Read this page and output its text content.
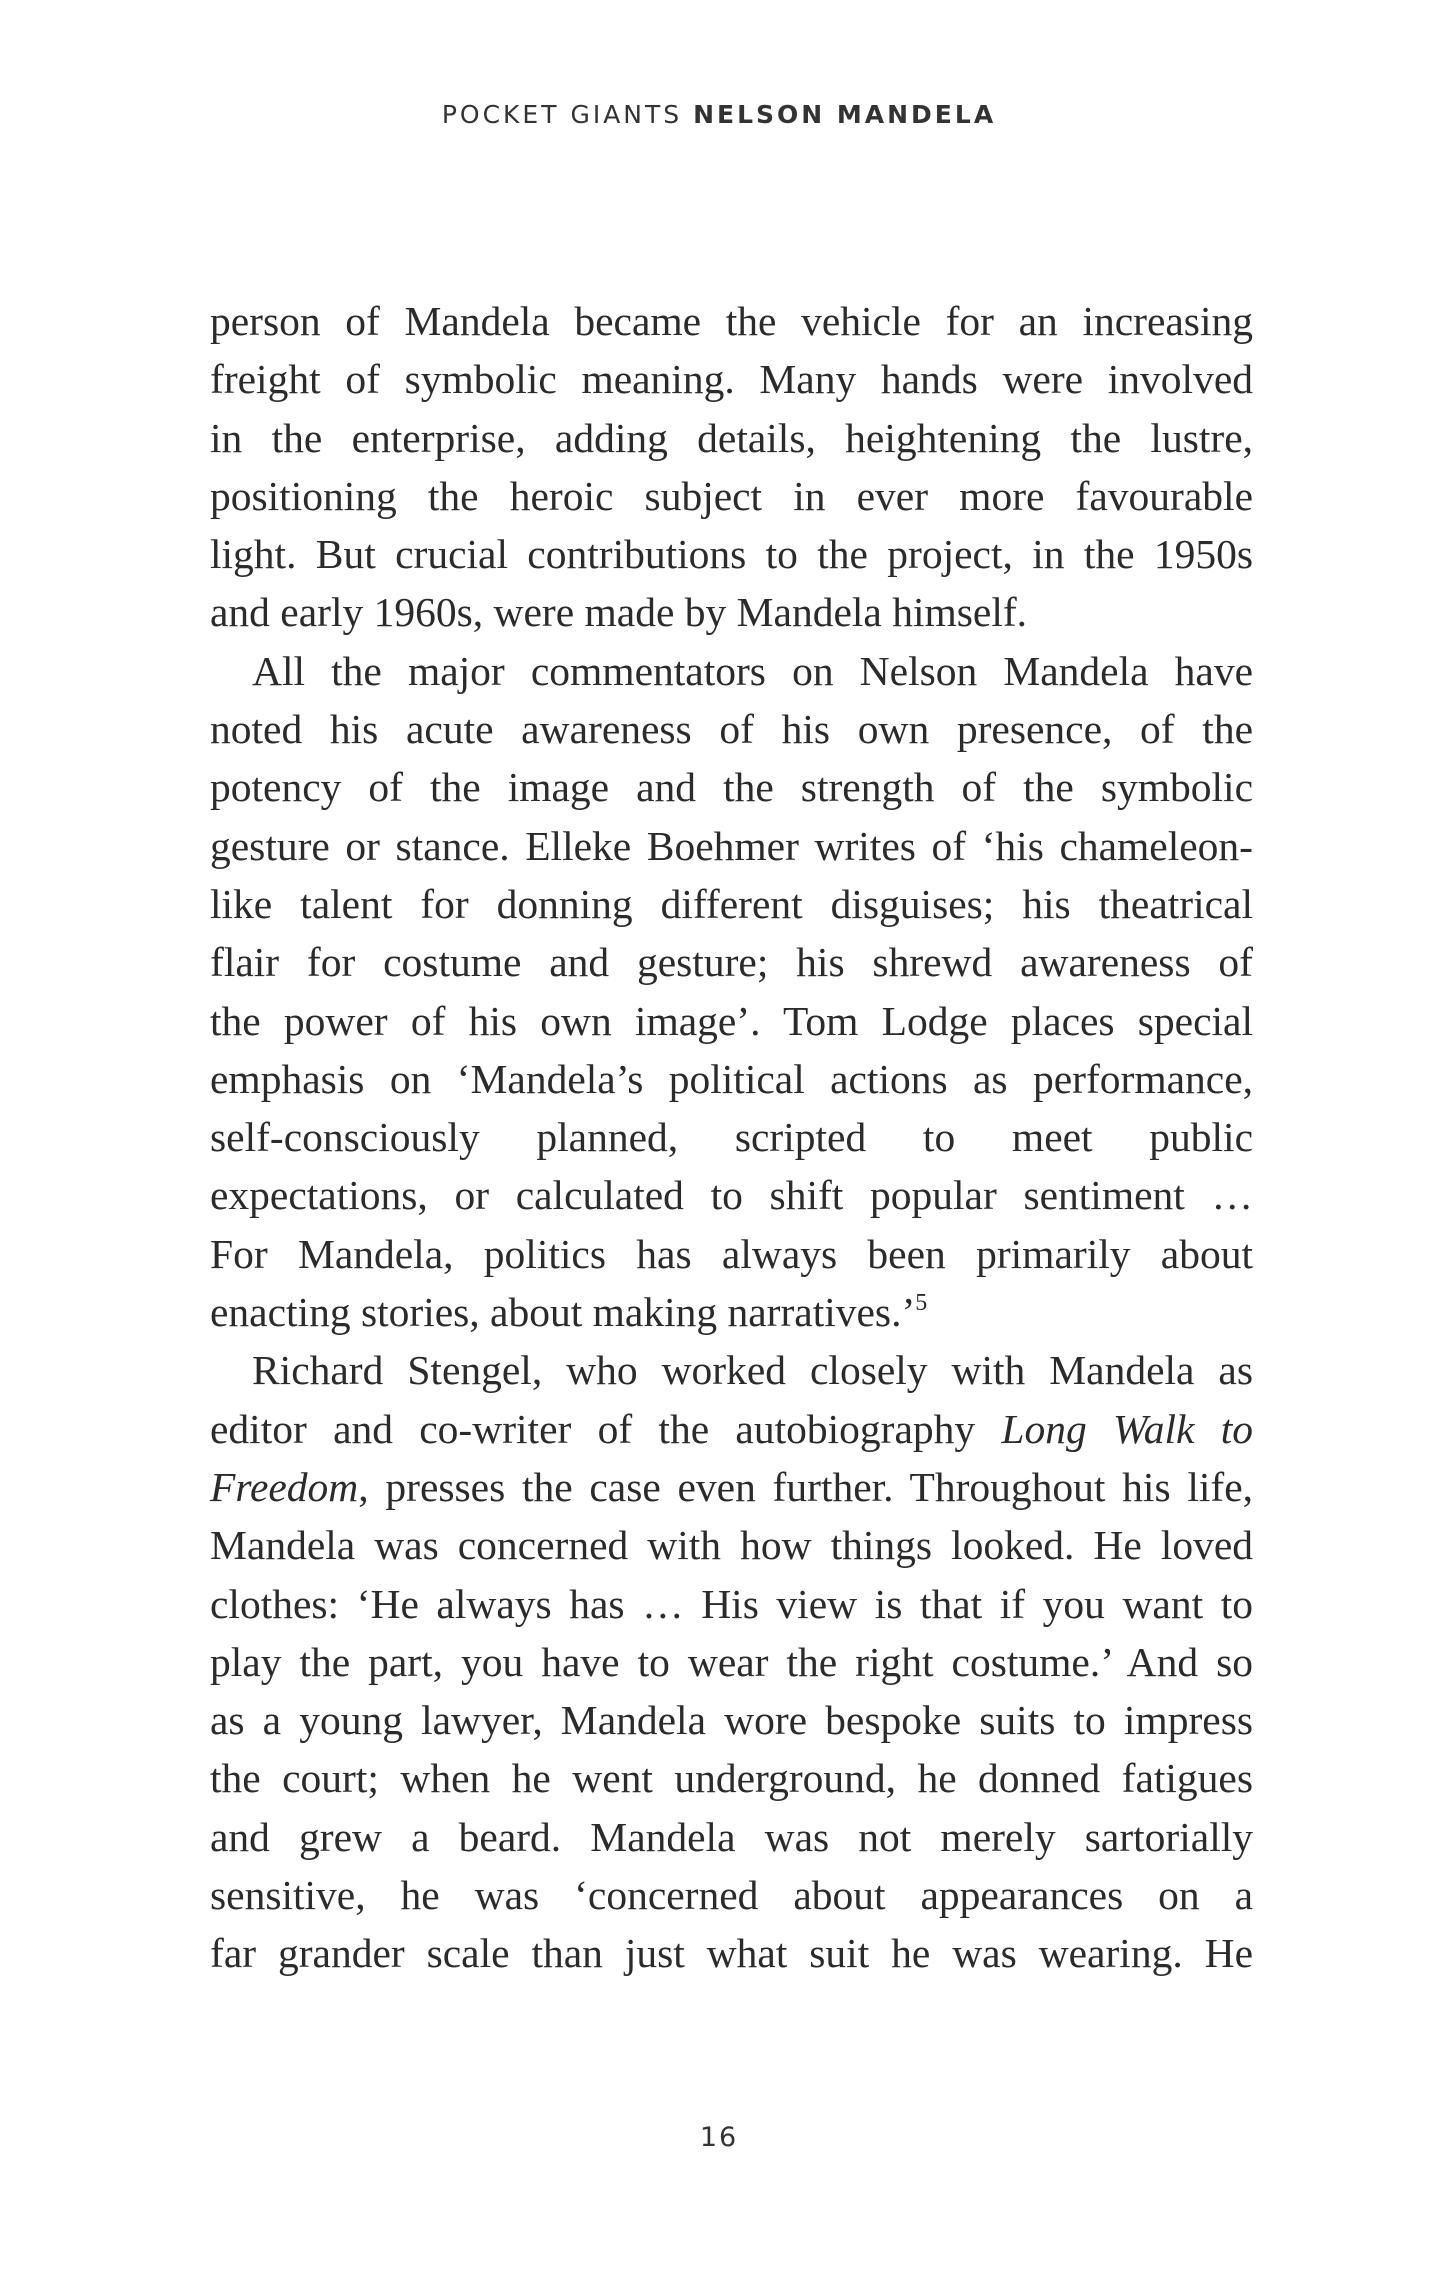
POCKET GIANTS NELSON MANDELA
person of Mandela became the vehicle for an increasing
freight of symbolic meaning. Many hands were involved
in the enterprise, adding details, heightening the lustre,
positioning the heroic subject in ever more favourable
light. But crucial contributions to the project, in the 1950s
and early 1960s, were made by Mandela himself.
All the major commentators on Nelson Mandela have
noted his acute awareness of his own presence, of the
potency of the image and the strength of the symbolic
gesture or stance. Elleke Boehmer writes of ‘his chameleon-
like talent for donning different disguises; his theatrical
flair for costume and gesture; his shrewd awareness of
the power of his own image’. Tom Lodge places special
emphasis on ‘Mandela’s political actions as performance,
self-consciously planned, scripted to meet public
expectations, or calculated to shift popular sentiment …
For Mandela, politics has always been primarily about
enacting stories, about making narratives.’$^5$
Richard Stengel, who worked closely with Mandela as
editor and co-writer of the autobiography Long Walk to
Freedom, presses the case even further. Throughout his life,
Mandela was concerned with how things looked. He loved
clothes: ‘He always has … His view is that if you want to
play the part, you have to wear the right costume.’ And so
as a young lawyer, Mandela wore bespoke suits to impress
the court; when he went underground, he donned fatigues
and grew a beard. Mandela was not merely sartorially
sensitive, he was ‘concerned about appearances on a
far grander scale than just what suit he was wearing. He
16
